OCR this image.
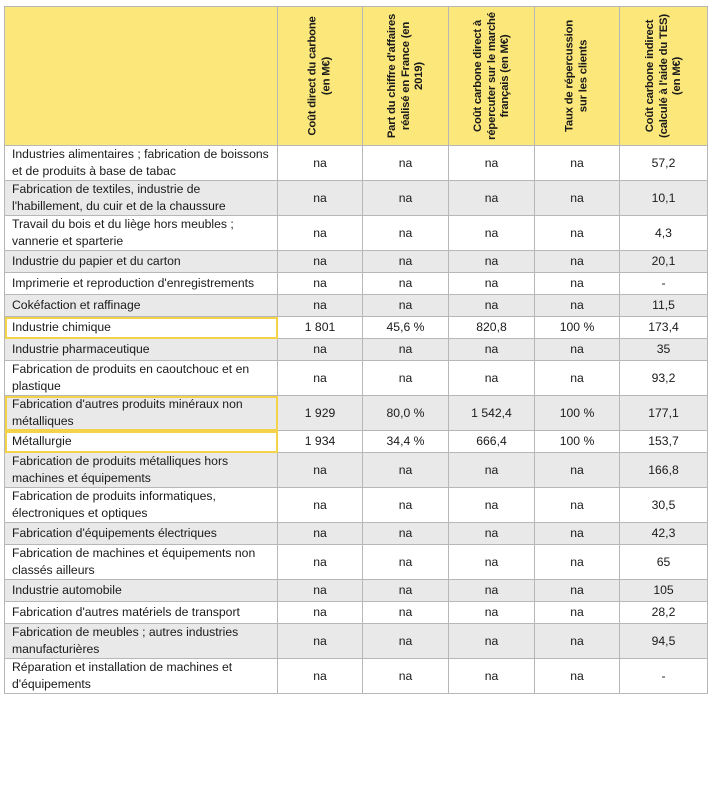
	Coût direct du carbone (en M€)	Part du chiffre d'affaires réalisé en France (en 2019)	Coût carbone direct à répercuter sur le marché français (en M€)	Taux de répercussion sur les clients	Coût carbone indirect (calculé à l'aide du TES) (en M€)

Industries alimentaires ; fabrication de boissons et de produits à base de tabac	na	na	na	na	57,2
Fabrication de textiles, industrie de l'habillement, du cuir et de la chaussure	na	na	na	na	10,1
Travail du bois et du liège hors meubles ; vannerie et sparterie	na	na	na	na	4,3
Industrie du papier et du carton	na	na	na	na	20,1
Imprimerie et reproduction d'enregistrements	na	na	na	na	-
Cokéfaction et raffinage	na	na	na	na	11,5
Industrie chimique	1 801	45,6 %	820,8	100 %	173,4
Industrie pharmaceutique	na	na	na	na	35
Fabrication de produits en caoutchouc et en plastique	na	na	na	na	93,2
Fabrication d'autres produits minéraux non métalliques	1 929	80,0 %	1 542,4	100 %	177,1
Métallurgie	1 934	34,4 %	666,4	100 %	153,7
Fabrication de produits métalliques hors machines et équipements	na	na	na	na	166,8
Fabrication de produits informatiques, électroniques et optiques	na	na	na	na	30,5
Fabrication d'équipements électriques	na	na	na	na	42,3
Fabrication de machines et équipements non classés ailleurs	na	na	na	na	65
Industrie automobile	na	na	na	na	105
Fabrication d'autres matériels de transport	na	na	na	na	28,2
Fabrication de meubles ; autres industries manufacturières	na	na	na	na	94,5
Réparation et installation de machines et d'équipements	na	na	na	na	-
